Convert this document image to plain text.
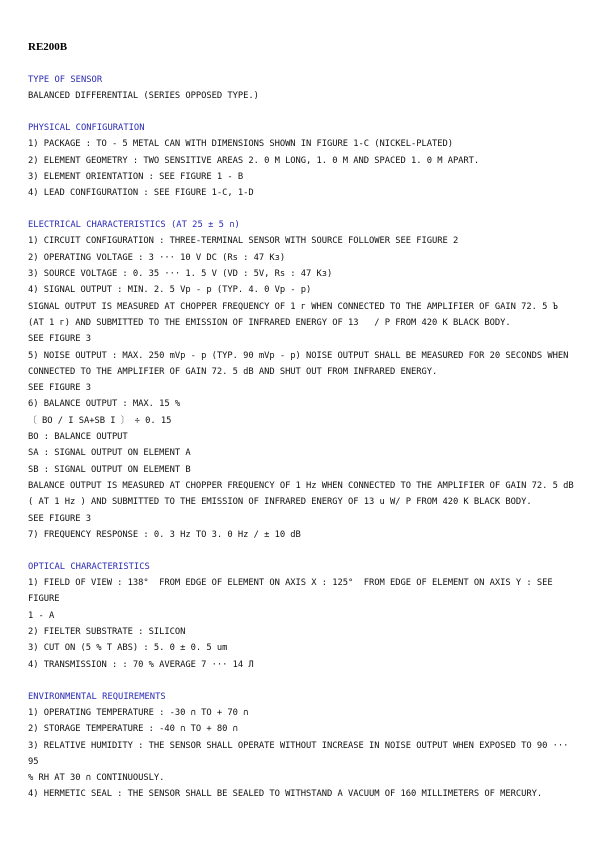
RE200B
TYPE OF SENSOR
BALANCED DIFFERENTIAL (SERIES OPPOSED TYPE.)
PHYSICAL CONFIGURATION
1) PACKAGE : TO - 5 METAL CAN WITH DIMENSIONS SHOWN IN FIGURE 1-C (NICKEL-PLATED)
2) ELEMENT GEOMETRY : TWO SENSITIVE AREAS 2. 0 M LONG, 1. 0 M AND SPACED 1. 0 M APART.
3) ELEMENT ORIENTATION : SEE FIGURE 1 - B
4) LEAD CONFIGURATION : SEE FIGURE 1-C, 1-D
ELECTRICAL CHARACTERISTICS (AT 25 ± 5 ∩)
1) CIRCUIT CONFIGURATION : THREE-TERMINAL SENSOR WITH SOURCE FOLLOWER SEE FIGURE 2
2) OPERATING VOLTAGE : 3 ··· 10 V DC (Rs : 47 Kз)
3) SOURCE VOLTAGE : 0. 35 ··· 1. 5 V (VD : 5V, Rs : 47 Kз)
4) SIGNAL OUTPUT : MIN. 2. 5 Vp - p (TYP. 4. 0 Vp - p)
SIGNAL OUTPUT IS MEASURED AT CHOPPER FREQUENCY OF 1 г WHEN CONNECTED TO THE AMPLIFIER OF GAIN 72. 5 Ъ
(AT 1 г) AND SUBMITTED TO THE EMISSION OF INFRARED ENERGY OF 13   / Р FROM 420 K BLACK BODY.
SEE FIGURE 3
5) NOISE OUTPUT : MAX. 250 mVp - p (TYP. 90 mVp - p) NOISE OUTPUT SHALL BE MEASURED FOR 20 SECONDS WHEN
CONNECTED TO THE AMPLIFIER OF GAIN 72. 5 dB AND SHUT OUT FROM INFRARED ENERGY.
SEE FIGURE 3
6) BALANCE OUTPUT : MAX. 15 %
〔 BO / I SA+SB I 〕 ÷ 0. 15
BO : BALANCE OUTPUT
SA : SIGNAL OUTPUT ON ELEMENT A
SB : SIGNAL OUTPUT ON ELEMENT B
BALANCE OUTPUT IS MEASURED AT CHOPPER FREQUENCY OF 1 Hz WHEN CONNECTED TO THE AMPLIFIER OF GAIN 72. 5 dB
( AT 1 Hz ) AND SUBMITTED TO THE EMISSION OF INFRARED ENERGY OF 13 u W/ Р FROM 420 K BLACK BODY.
SEE FIGURE 3
7) FREQUENCY RESPONSE : 0. 3 Hz TO 3. 0 Hz / ± 10 dB
OPTICAL CHARACTERISTICS
1) FIELD OF VIEW : 138°  FROM EDGE OF ELEMENT ON AXIS X : 125°  FROM EDGE OF ELEMENT ON AXIS Y : SEE FIGURE
1 - A
2) FIELTER SUBSTRATE : SILICON
3) CUT ON (5 % T ABS) : 5. 0 ± 0. 5 um
4) TRANSMISSION : : 70 % AVERAGE 7 ··· 14 Л
ENVIRONMENTAL REQUIREMENTS
1) OPERATING TEMPERATURE : -30 ∩ TO + 70 ∩
2) STORAGE TEMPERATURE : -40 ∩ TO + 80 ∩
3) RELATIVE HUMIDITY : THE SENSOR SHALL OPERATE WITHOUT INCREASE IN NOISE OUTPUT WHEN EXPOSED TO 90 ··· 95
% RH AT 30 ∩ CONTINUOUSLY.
4) HERMETIC SEAL : THE SENSOR SHALL BE SEALED TO WITHSTAND A VACUUM OF 160 MILLIMETERS OF MERCURY.
